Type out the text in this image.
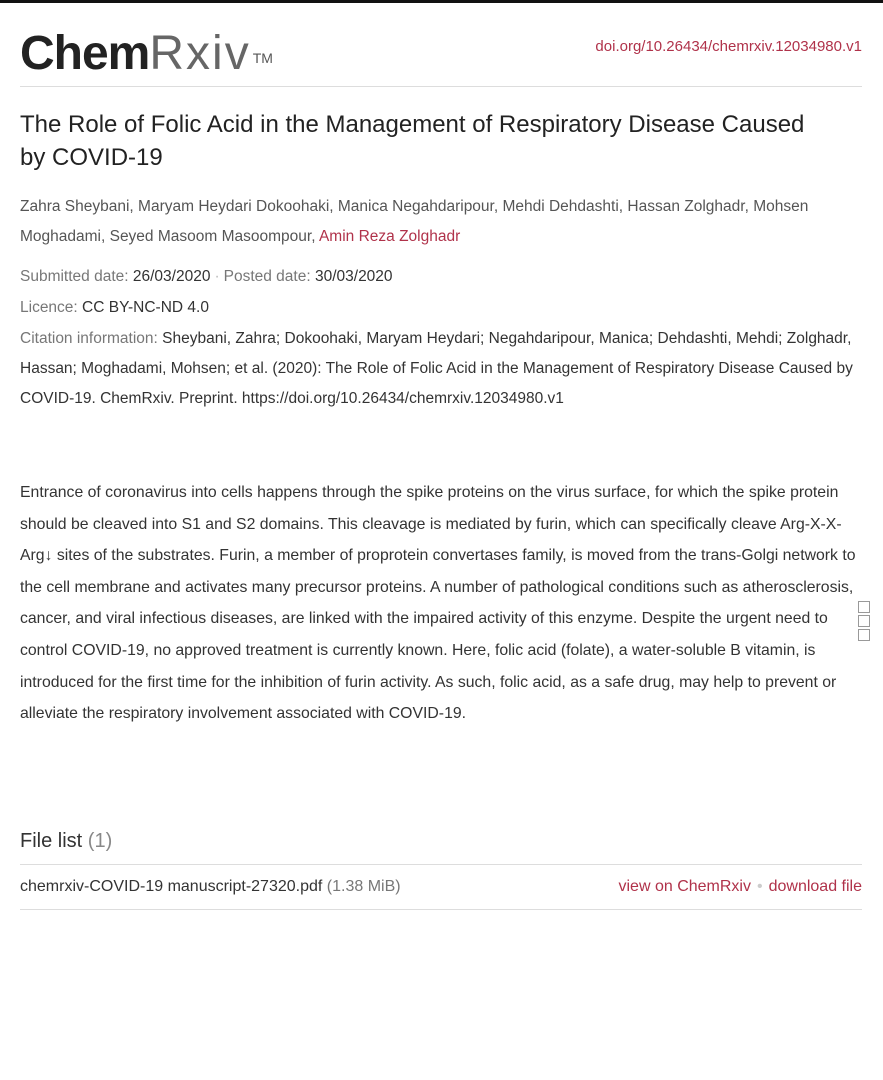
ChemRxiv ™
doi.org/10.26434/chemrxiv.12034980.v1
The Role of Folic Acid in the Management of Respiratory Disease Caused by COVID-19
Zahra Sheybani, Maryam Heydari Dokoohaki, Manica Negahdaripour, Mehdi Dehdashti, Hassan Zolghadr, Mohsen Moghadami, Seyed Masoom Masoompour, Amin Reza Zolghadr
Submitted date: 26/03/2020 · Posted date: 30/03/2020
Licence: CC BY-NC-ND 4.0
Citation information: Sheybani, Zahra; Dokoohaki, Maryam Heydari; Negahdaripour, Manica; Dehdashti, Mehdi; Zolghadr, Hassan; Moghadami, Mohsen; et al. (2020): The Role of Folic Acid in the Management of Respiratory Disease Caused by COVID-19. ChemRxiv. Preprint. https://doi.org/10.26434/chemrxiv.12034980.v1

Entrance of coronavirus into cells happens through the spike proteins on the virus surface, for which the spike protein should be cleaved into S1 and S2 domains. This cleavage is mediated by furin, which can specifically cleave Arg-X-X-Arg↓ sites of the substrates. Furin, a member of proprotein convertases family, is moved from the trans-Golgi network to the cell membrane and activates many precursor proteins. A number of pathological conditions such as atherosclerosis, cancer, and viral infectious diseases, are linked with the impaired activity of this enzyme. Despite the urgent need to control COVID-19, no approved treatment is currently known. Here, folic acid (folate), a water-soluble B vitamin, is introduced for the first time for the inhibition of furin activity. As such, folic acid, as a safe drug, may help to prevent or alleviate the respiratory involvement associated with COVID-19.

File list (1)
chemrxiv-COVID-19 manuscript-27320.pdf (1.38 MiB)	view on ChemRxiv • download file
